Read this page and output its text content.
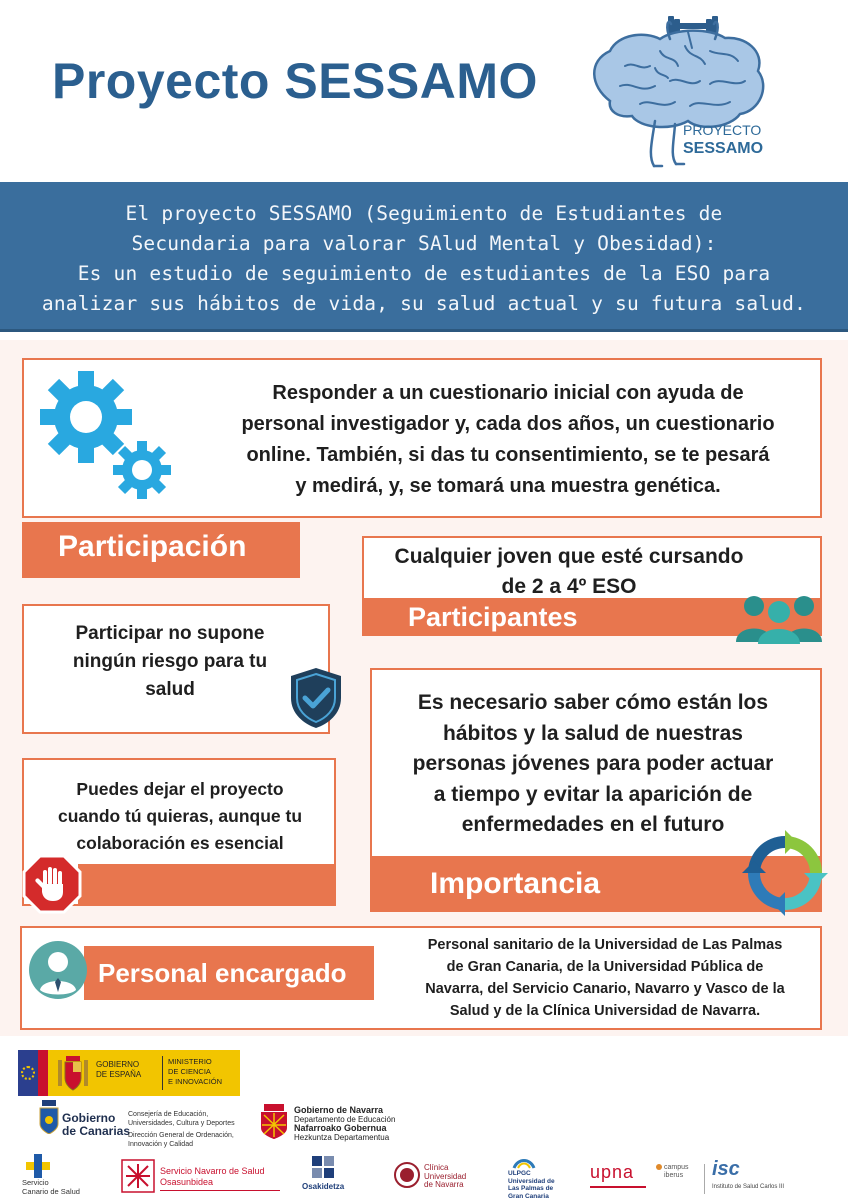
Proyecto SESSAMO
PROYECTO
SESSAMO
El proyecto SESSAMO (Seguimiento de Estudiantes de
Secundaria para valorar SAlud Mental y Obesidad):
Es un estudio de seguimiento de estudiantes de la ESO para
analizar sus hábitos de vida, su salud actual y su futura salud.
Responder a un cuestionario inicial con ayuda de
personal investigador y, cada dos años, un cuestionario
online. También, si das tu consentimiento, se te pesará
y medirá, y, se tomará una muestra genética.
Participación	Cualquier joven que esté cursando
de 2 a 4º ESO
Participantes
Participar no supone
ningún riesgo para tu
salud
Es necesario saber cómo están los
hábitos y la salud de nuestras
personas jóvenes para poder actuar
a tiempo y evitar la aparición de
enfermedades en el futuro
Importancia
Puedes dejar el proyecto
cuando tú quieras, aunque tu
colaboración es esencial
Personal encargado
Personal sanitario de la Universidad de Las Palmas
de Gran Canaria, de la Universidad Pública de
Navarra, del Servicio Canario, Navarro y Vasco de la
Salud y de la Clínica Universidad de Navarra.
GOBIERNO
DE ESPAÑA
MINISTERIO
DE CIENCIA
E INNOVACIÓN
Gobierno
de Canarias
Consejería de Educación,
Universidades, Cultura y Deportes
Dirección General de Ordenación,
Innovación y Calidad
Gobierno de Navarra
Departamento de Educación
Nafarroako Gobernua
Hezkuntza Departamentua
Servicio
Canario de Salud
Servicio Navarro de Salud
Osasunbidea	Osakidetza
Clínica
Universidad
de Navarra
ULPGC
Universidad de
Las Palmas de
Gran Canaria
upna	campus
iberus isc
Instituto de Salud Carlos III
